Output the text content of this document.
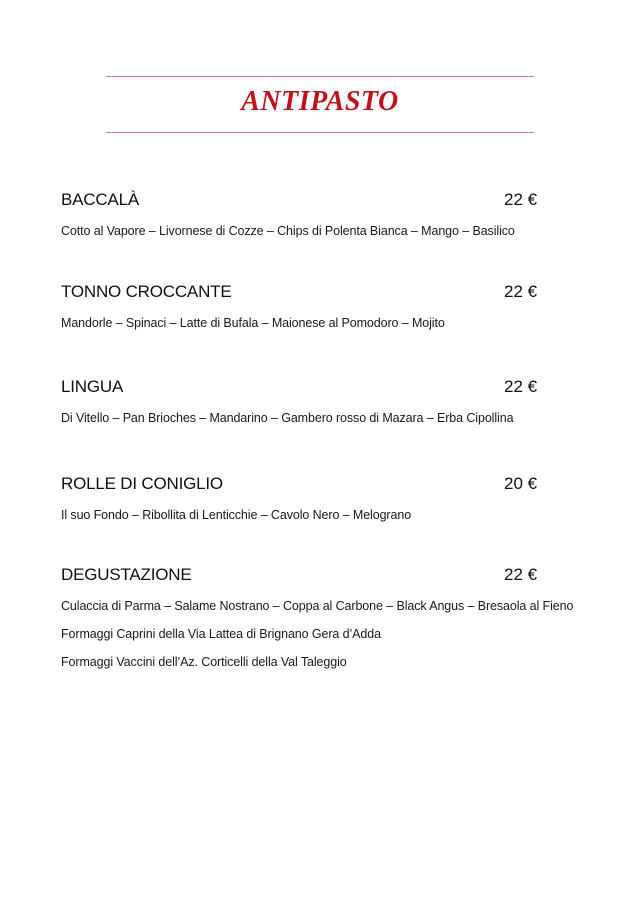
ANTIPASTO
BACCALÀ	22 €

Cotto al Vapore – Livornese di Cozze – Chips di Polenta Bianca – Mango – Basilico

TONNO CROCCANTE	22 €

Mandorle – Spinaci – Latte di Bufala – Maionese al Pomodoro – Mojito

LINGUA	22 €

Di Vitello – Pan Brioches – Mandarino – Gambero rosso di Mazara – Erba Cipollina

ROLLE DI CONIGLIO	20 €

Il suo Fondo – Ribollita di Lenticchie – Cavolo Nero – Melograno

DEGUSTAZIONE	22 €

Culaccia di Parma – Salame Nostrano – Coppa al Carbone – Black Angus – Bresaola al Fieno

Formaggi Caprini della Via Lattea di Brignano Gera d’Adda

Formaggi Vaccini dell’Az. Corticelli della Val Taleggio
